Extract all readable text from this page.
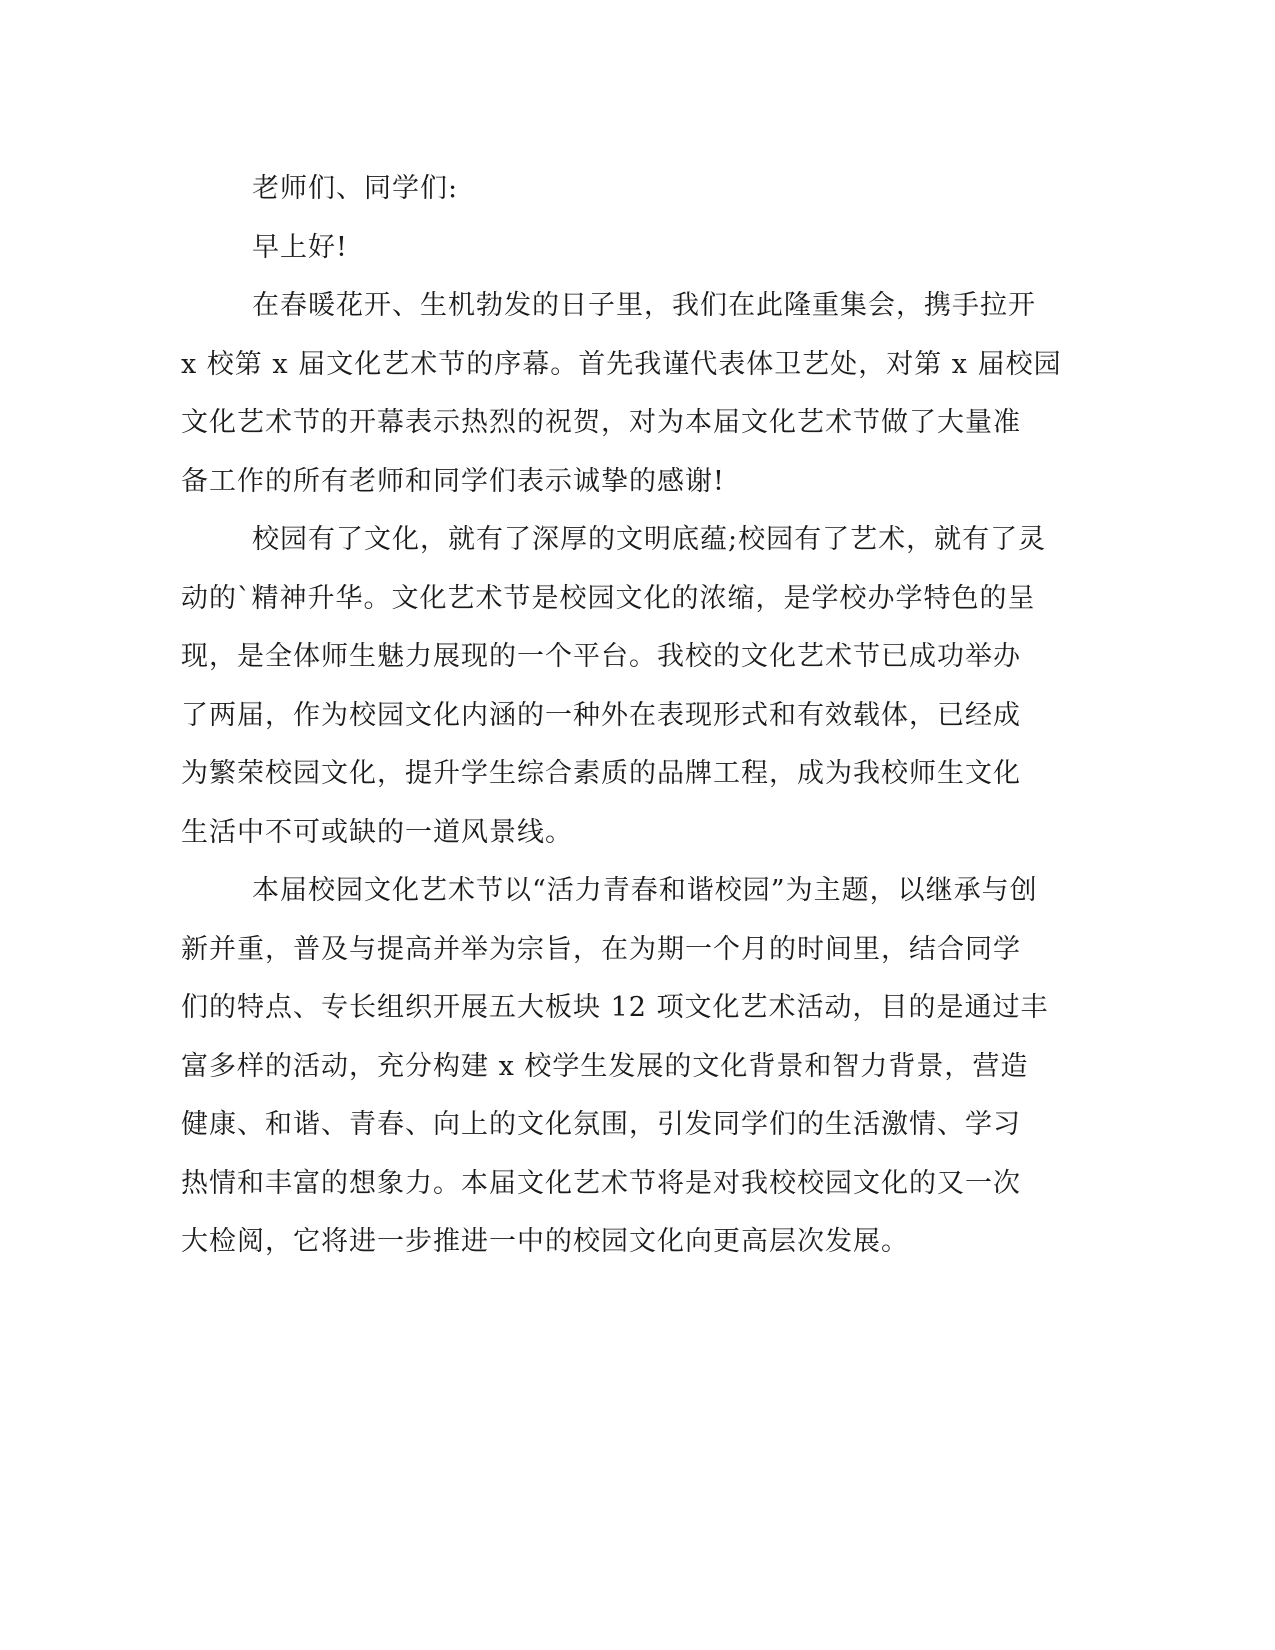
老师们、同学们:
早上好!
在春暖花开、生机勃发的日子里，我们在此隆重集会，携手拉开
x 校第 x 届文化艺术节的序幕。首先我谨代表体卫艺处，对第 x 届校园
文化艺术节的开幕表示热烈的祝贺，对为本届文化艺术节做了大量准
备工作的所有老师和同学们表示诚挚的感谢!
校园有了文化，就有了深厚的文明底蕴;校园有了艺术，就有了灵
动的`精神升华。文化艺术节是校园文化的浓缩，是学校办学特色的呈
现，是全体师生魅力展现的一个平台。我校的文化艺术节已成功举办
了两届，作为校园文化内涵的一种外在表现形式和有效载体，已经成
为繁荣校园文化，提升学生综合素质的品牌工程，成为我校师生文化
生活中不可或缺的一道风景线。
本届校园文化艺术节以“活力青春和谐校园”为主题，以继承与创
新并重，普及与提高并举为宗旨，在为期一个月的时间里，结合同学
们的特点、专长组织开展五大板块 12 项文化艺术活动，目的是通过丰
富多样的活动，充分构建 x 校学生发展的文化背景和智力背景，营造
健康、和谐、青春、向上的文化氛围，引发同学们的生活激情、学习
热情和丰富的想象力。本届文化艺术节将是对我校校园文化的又一次
大检阅，它将进一步推进一中的校园文化向更高层次发展。
